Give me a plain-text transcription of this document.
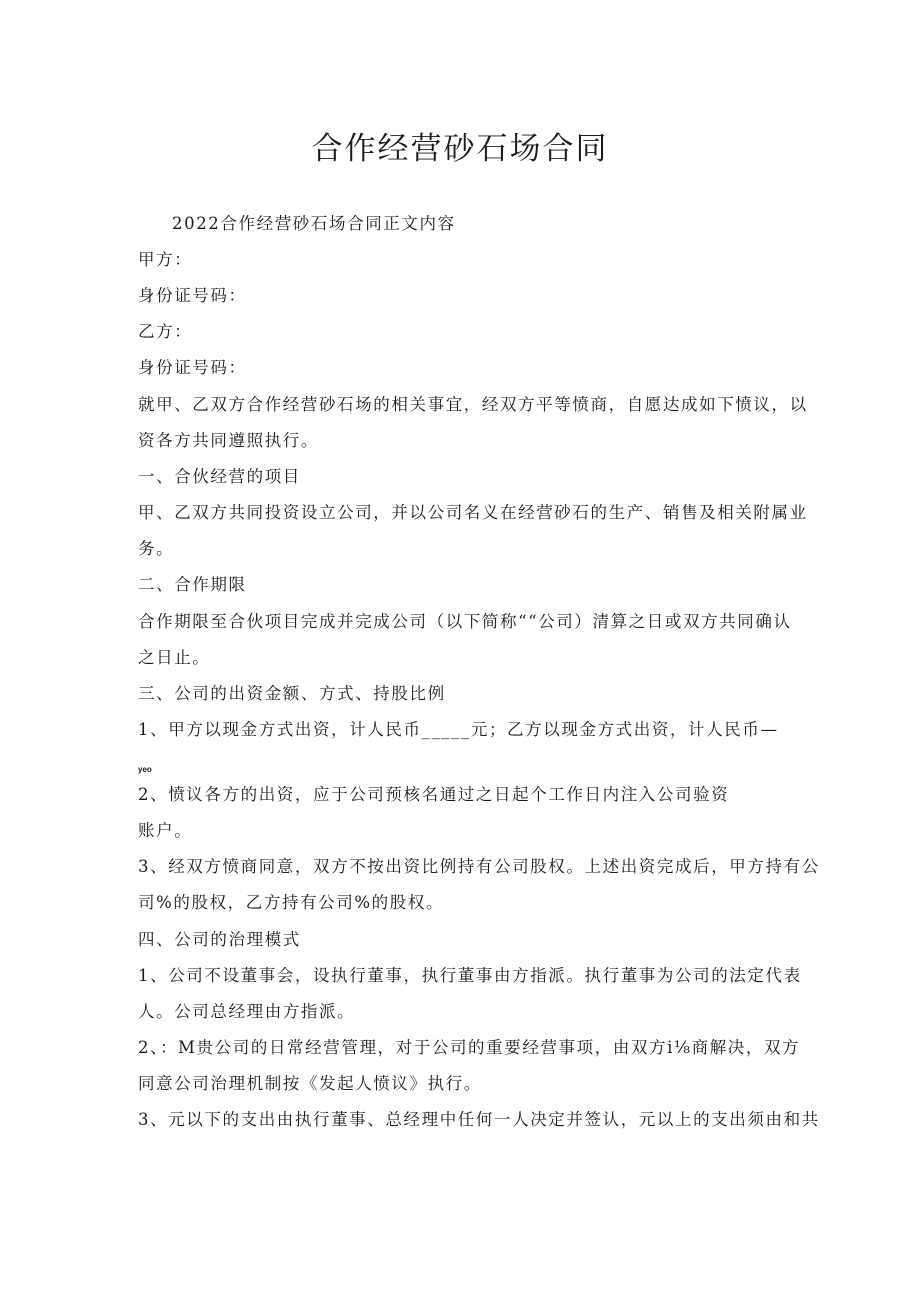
合作经营砂石场合同
2022合作经营砂石场合同正文内容
甲方：
身份证号码：
乙方：
身份证号码：
就甲、乙双方合作经营砂石场的相关事宜，经双方平等愤商，自愿达成如下愤议，以
资各方共同遵照执行。
一、合伙经营的项目
甲、乙双方共同投资设立公司，并以公司名义在经营砂石的生产、销售及相关附属业
务。
二、合作期限
合作期限至合伙项目完成并完成公司（以下简称““公司）清算之日或双方共同确认
之日止。
三、公司的出资金额、方式、持股比例
1、甲方以现金方式出资，计人民币_____元；乙方以现金方式出资，计人民币—
yeo
2、愤议各方的出资，应于公司预核名通过之日起个工作日内注入公司验资
账户。
3、经双方愤商同意，双方不按出资比例持有公司股权。上述出资完成后，甲方持有公
司%的股权，乙方持有公司%的股权。
四、公司的治理模式
1、公司不设董事会，设执行董事，执行董事由方指派。执行董事为公司的法定代表
人。公司总经理由方指派。
2、：M贵公司的日常经营管理，对于公司的重要经营事项，由双方i⅛商解决，双方
同意公司治理机制按《发起人愤议》执行。
3、元以下的支出由执行董事、总经理中任何一人决定并签认，元以上的支出须由和共
